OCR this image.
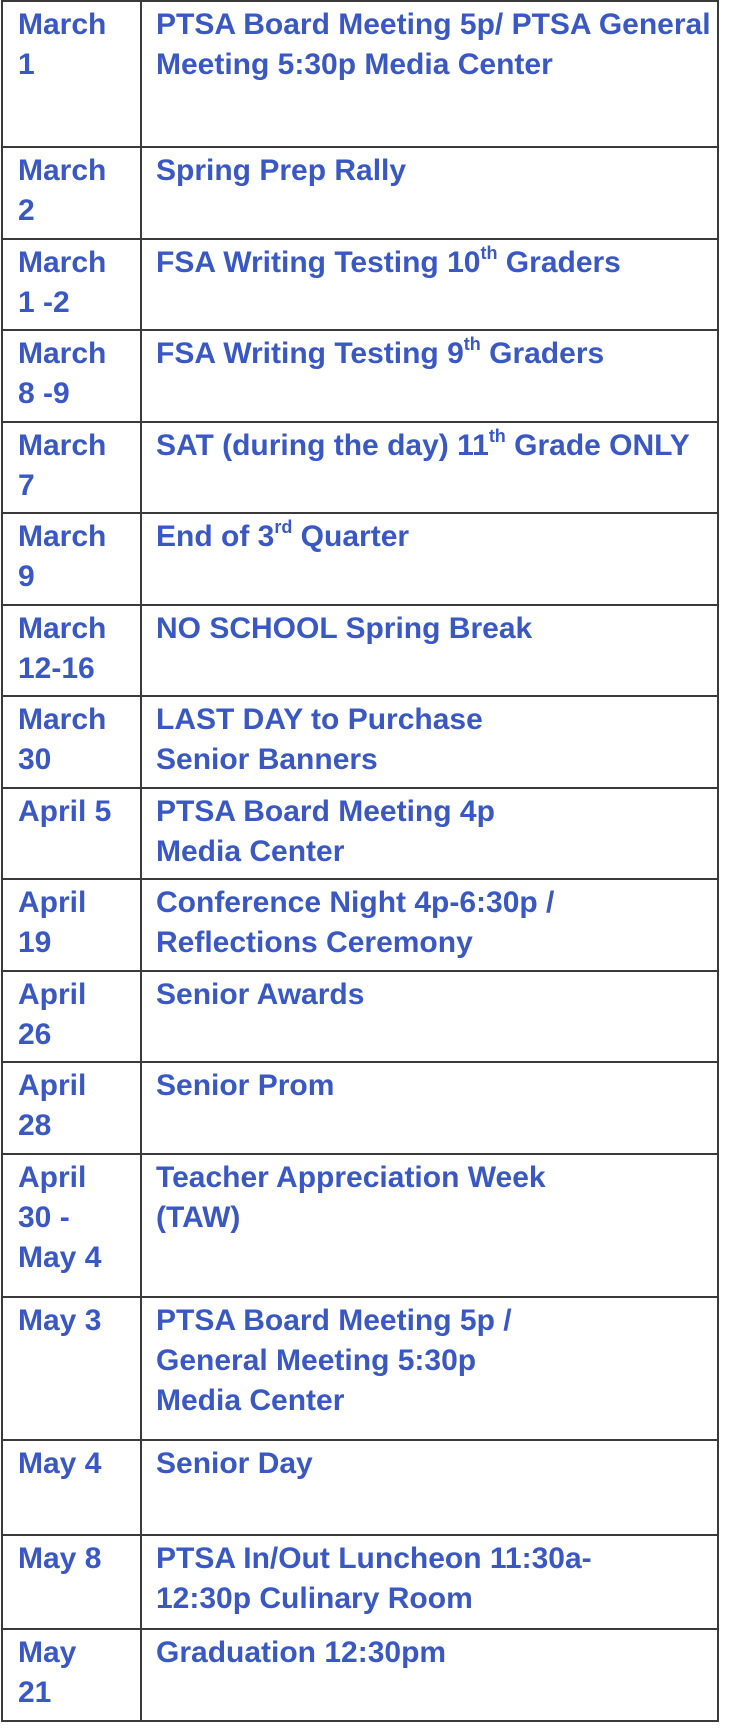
March
1	PTSA Board Meeting 5p/ PTSA General Meeting 5:30p Media Center
March
2	Spring Prep Rally
March
1 -2	FSA Writing Testing 10th Graders
March
8 -9	FSA Writing Testing 9th Graders
March
7	SAT (during the day) 11th Grade ONLY
March
9	End of 3rd Quarter
March
12-16	NO SCHOOL Spring Break
March
30	LAST DAY to Purchase
Senior Banners
April 5	PTSA Board Meeting 4p
Media Center
April
19	Conference Night 4p-6:30p /
Reflections Ceremony
April
26	Senior Awards
April
28	Senior Prom
April
30 -
May 4	Teacher Appreciation Week
(TAW)
May 3	PTSA Board Meeting 5p /
General Meeting 5:30p
Media Center
May 4	Senior Day
May 8	PTSA In/Out Luncheon 11:30a-
12:30p Culinary Room
May
21	Graduation 12:30pm
